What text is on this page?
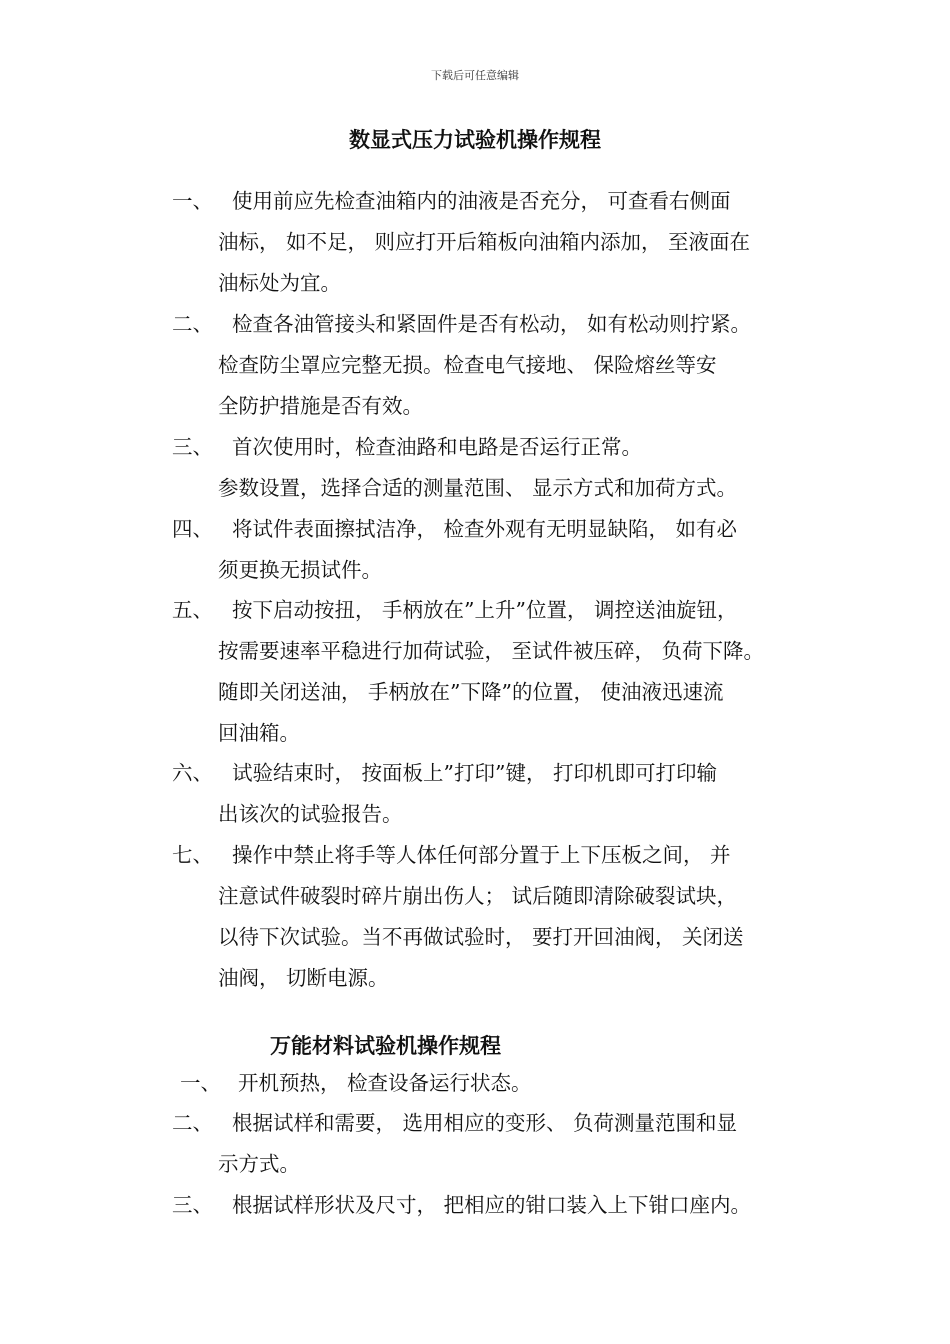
下载后可任意编辑
数显式压力试验机操作规程
一、 使用前应先检查油箱内的油液是否充分， 可查看右侧面
油标， 如不足， 则应打开后箱板向油箱内添加， 至液面在
油标处为宜。
二、 检查各油管接头和紧固件是否有松动， 如有松动则拧紧。
检查防尘罩应完整无损。检查电气接地、 保险熔丝等安
全防护措施是否有效。
三、 首次使用时，检查油路和电路是否运行正常。
参数设置，选择合适的测量范围、 显示方式和加荷方式。
四、 将试件表面擦拭洁净， 检查外观有无明显缺陷， 如有必
须更换无损试件。
五、 按下启动按扭， 手柄放在”上升”位置， 调控送油旋钮，
按需要速率平稳进行加荷试验， 至试件被压碎， 负荷下降。
随即关闭送油， 手柄放在”下降”的位置， 使油液迅速流
回油箱。
六、 试验结束时， 按面板上”打印”键， 打印机即可打印输
出该次的试验报告。
七、 操作中禁止将手等人体任何部分置于上下压板之间， 并
注意试件破裂时碎片崩出伤人； 试后随即清除破裂试块，
以待下次试验。当不再做试验时， 要打开回油阀， 关闭送
油阀， 切断电源。
万能材料试验机操作规程
一、 开机预热， 检查设备运行状态。
二、 根据试样和需要， 选用相应的变形、 负荷测量范围和显
示方式。
三、 根据试样形状及尺寸， 把相应的钳口装入上下钳口座内。
